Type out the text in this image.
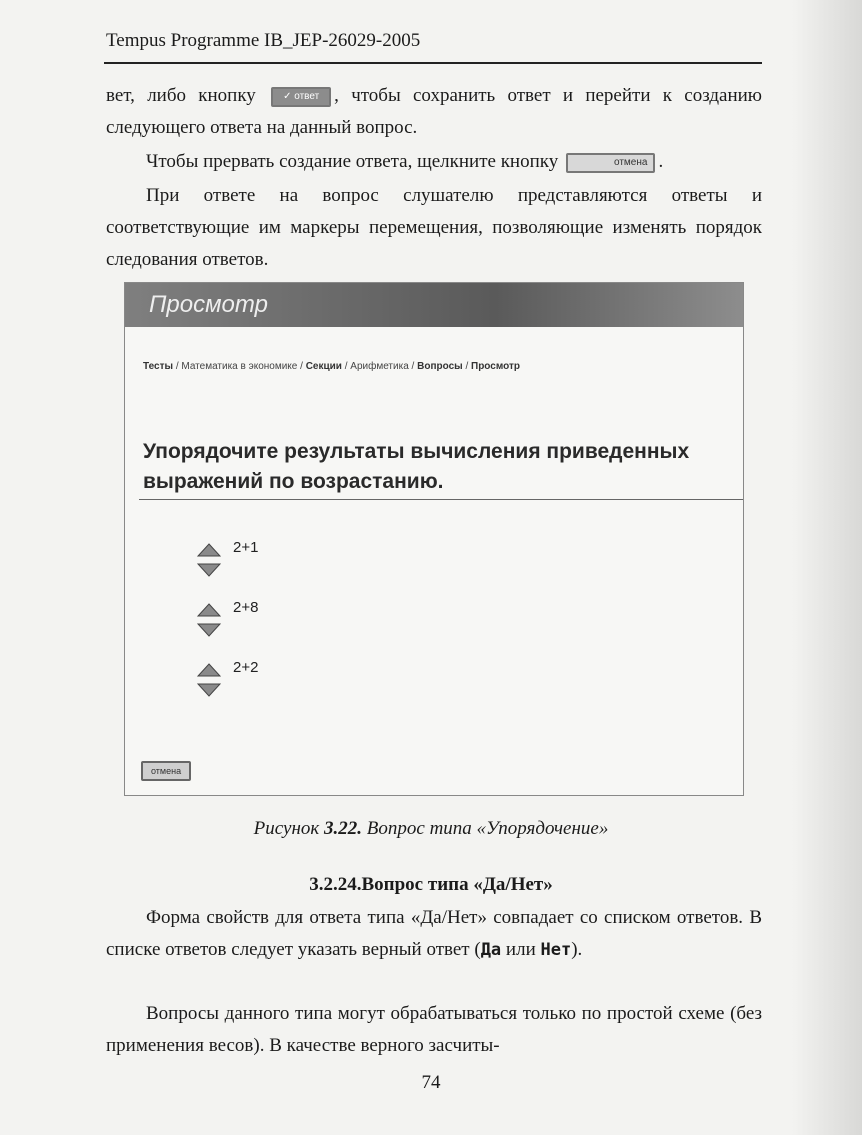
Tempus Programme IB_JEP-26029-2005

вет, либо кнопку ✓ ответ , чтобы сохранить ответ и перейти к созданию следующего ответа на данный вопрос.

Чтобы прервать создание ответа, щелкните кнопку	отмена .

При ответе на вопрос слушателю представляются ответы и соответствующие им маркеры перемещения, позволяющие изменять порядок следования ответов.

Просмотр
Тесты / Математика в экономике / Секции / Арифметика / Вопросы / Просмотр
Упорядочите результаты вычисления приведенных выражений по возрастанию.
2+1
2+8
2+2
отмена
Рисунок 3.22. Вопрос типа «Упорядочение»
3.2.24.Вопрос типа «Да/Нет»

Форма свойств для ответа типа «Да/Нет» совпадает со списком ответов. В списке ответов следует указать верный ответ (Да или Нет).

Вопросы данного типа могут обрабатываться только по простой схеме (без применения весов). В качестве верного засчиты-

74
